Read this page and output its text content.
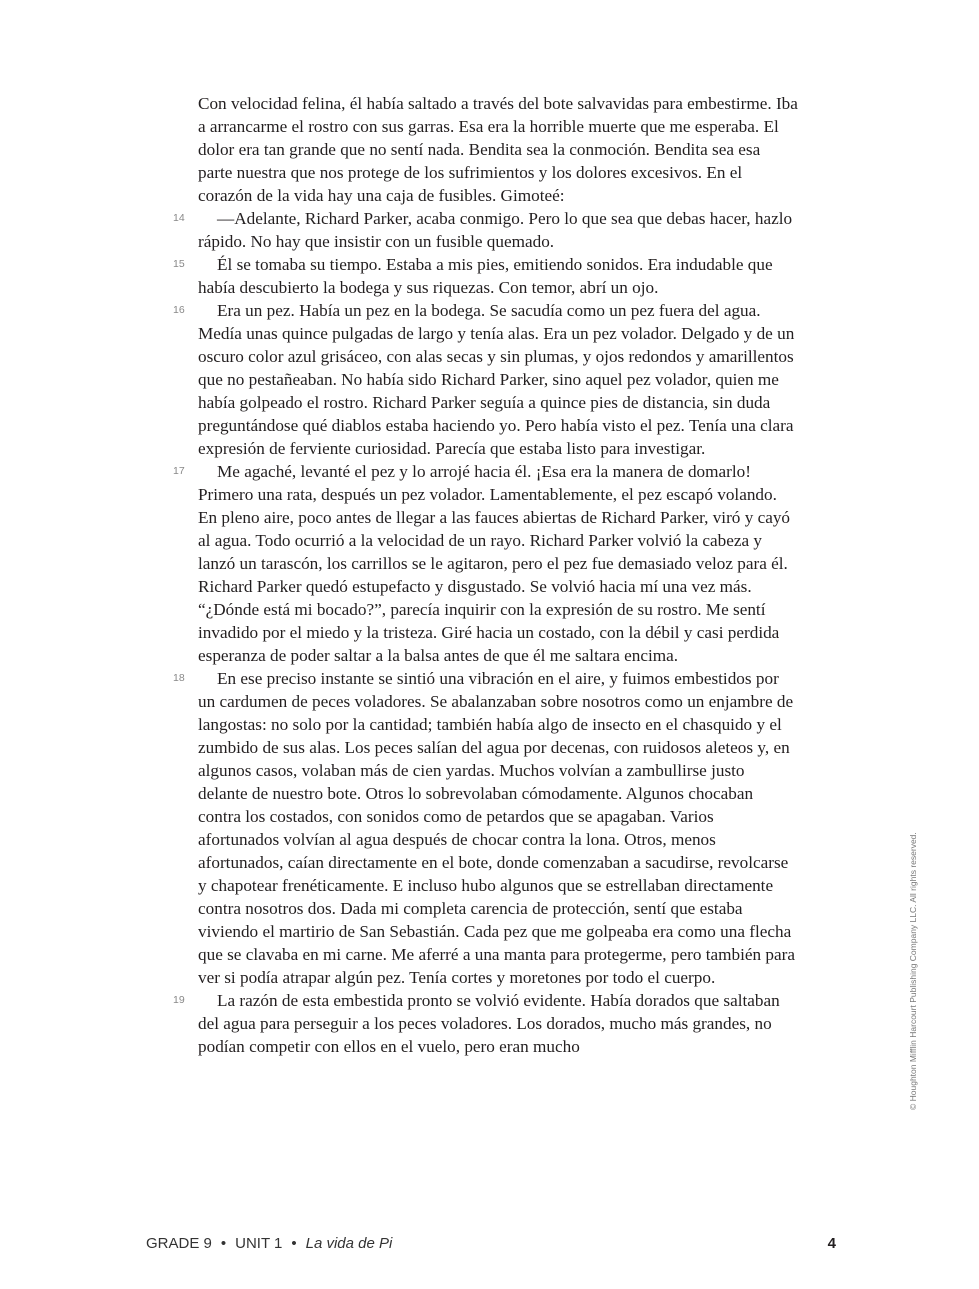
Con velocidad felina, él había saltado a través del bote salvavidas para embestirme. Iba a arrancarme el rostro con sus garras. Esa era la horrible muerte que me esperaba. El dolor era tan grande que no sentí nada. Bendita sea la conmoción. Bendita sea esa parte nuestra que nos protege de los sufrimientos y los dolores excesivos. En el corazón de la vida hay una caja de fusibles. Gimoteé:

14 —Adelante, Richard Parker, acaba conmigo. Pero lo que sea que debas hacer, hazlo rápido. No hay que insistir con un fusible quemado.

15 Él se tomaba su tiempo. Estaba a mis pies, emitiendo sonidos. Era indudable que había descubierto la bodega y sus riquezas. Con temor, abrí un ojo.

16 Era un pez. Había un pez en la bodega. Se sacudía como un pez fuera del agua. Medía unas quince pulgadas de largo y tenía alas. Era un pez volador. Delgado y de un oscuro color azul grisáceo, con alas secas y sin plumas, y ojos redondos y amarillentos que no pestañeaban. No había sido Richard Parker, sino aquel pez volador, quien me había golpeado el rostro. Richard Parker seguía a quince pies de distancia, sin duda preguntándose qué diablos estaba haciendo yo. Pero había visto el pez. Tenía una clara expresión de ferviente curiosidad. Parecía que estaba listo para investigar.

17 Me agaché, levanté el pez y lo arrojé hacia él. ¡Esa era la manera de domarlo! Primero una rata, después un pez volador. Lamentablemente, el pez escapó volando. En pleno aire, poco antes de llegar a las fauces abiertas de Richard Parker, viró y cayó al agua. Todo ocurrió a la velocidad de un rayo. Richard Parker volvió la cabeza y lanzó un tarascón, los carrillos se le agitaron, pero el pez fue demasiado veloz para él. Richard Parker quedó estupefacto y disgustado. Se volvió hacia mí una vez más. “¿Dónde está mi bocado?”, parecía inquirir con la expresión de su rostro. Me sentí invadido por el miedo y la tristeza. Giré hacia un costado, con la débil y casi perdida esperanza de poder saltar a la balsa antes de que él me saltara encima.

18 En ese preciso instante se sintió una vibración en el aire, y fuimos embestidos por un cardumen de peces voladores. Se abalanzaban sobre nosotros como un enjambre de langostas: no solo por la cantidad; también había algo de insecto en el chasquido y el zumbido de sus alas. Los peces salían del agua por decenas, con ruidosos aleteos y, en algunos casos, volaban más de cien yardas. Muchos volvían a zambullirse justo delante de nuestro bote. Otros lo sobrevolaban cómodamente. Algunos chocaban contra los costados, con sonidos como de petardos que se apagaban. Varios afortunados volvían al agua después de chocar contra la lona. Otros, menos afortunados, caían directamente en el bote, donde comenzaban a sacudirse, revolcarse y chapotear frenéticamente. E incluso hubo algunos que se estrellaban directamente contra nosotros dos. Dada mi completa carencia de protección, sentí que estaba viviendo el martirio de San Sebastián. Cada pez que me golpeaba era como una flecha que se clavaba en mi carne. Me aferré a una manta para protegerme, pero también para ver si podía atrapar algún pez. Tenía cortes y moretones por todo el cuerpo.

19 La razón de esta embestida pronto se volvió evidente. Había dorados que saltaban del agua para perseguir a los peces voladores. Los dorados, mucho más grandes, no podían competir con ellos en el vuelo, pero eran mucho	© Houghton Mifflin Harcourt Publishing Company LLC. All rights reserved.
GRADE 9 • UNIT 1 • La vida de Pi	4
